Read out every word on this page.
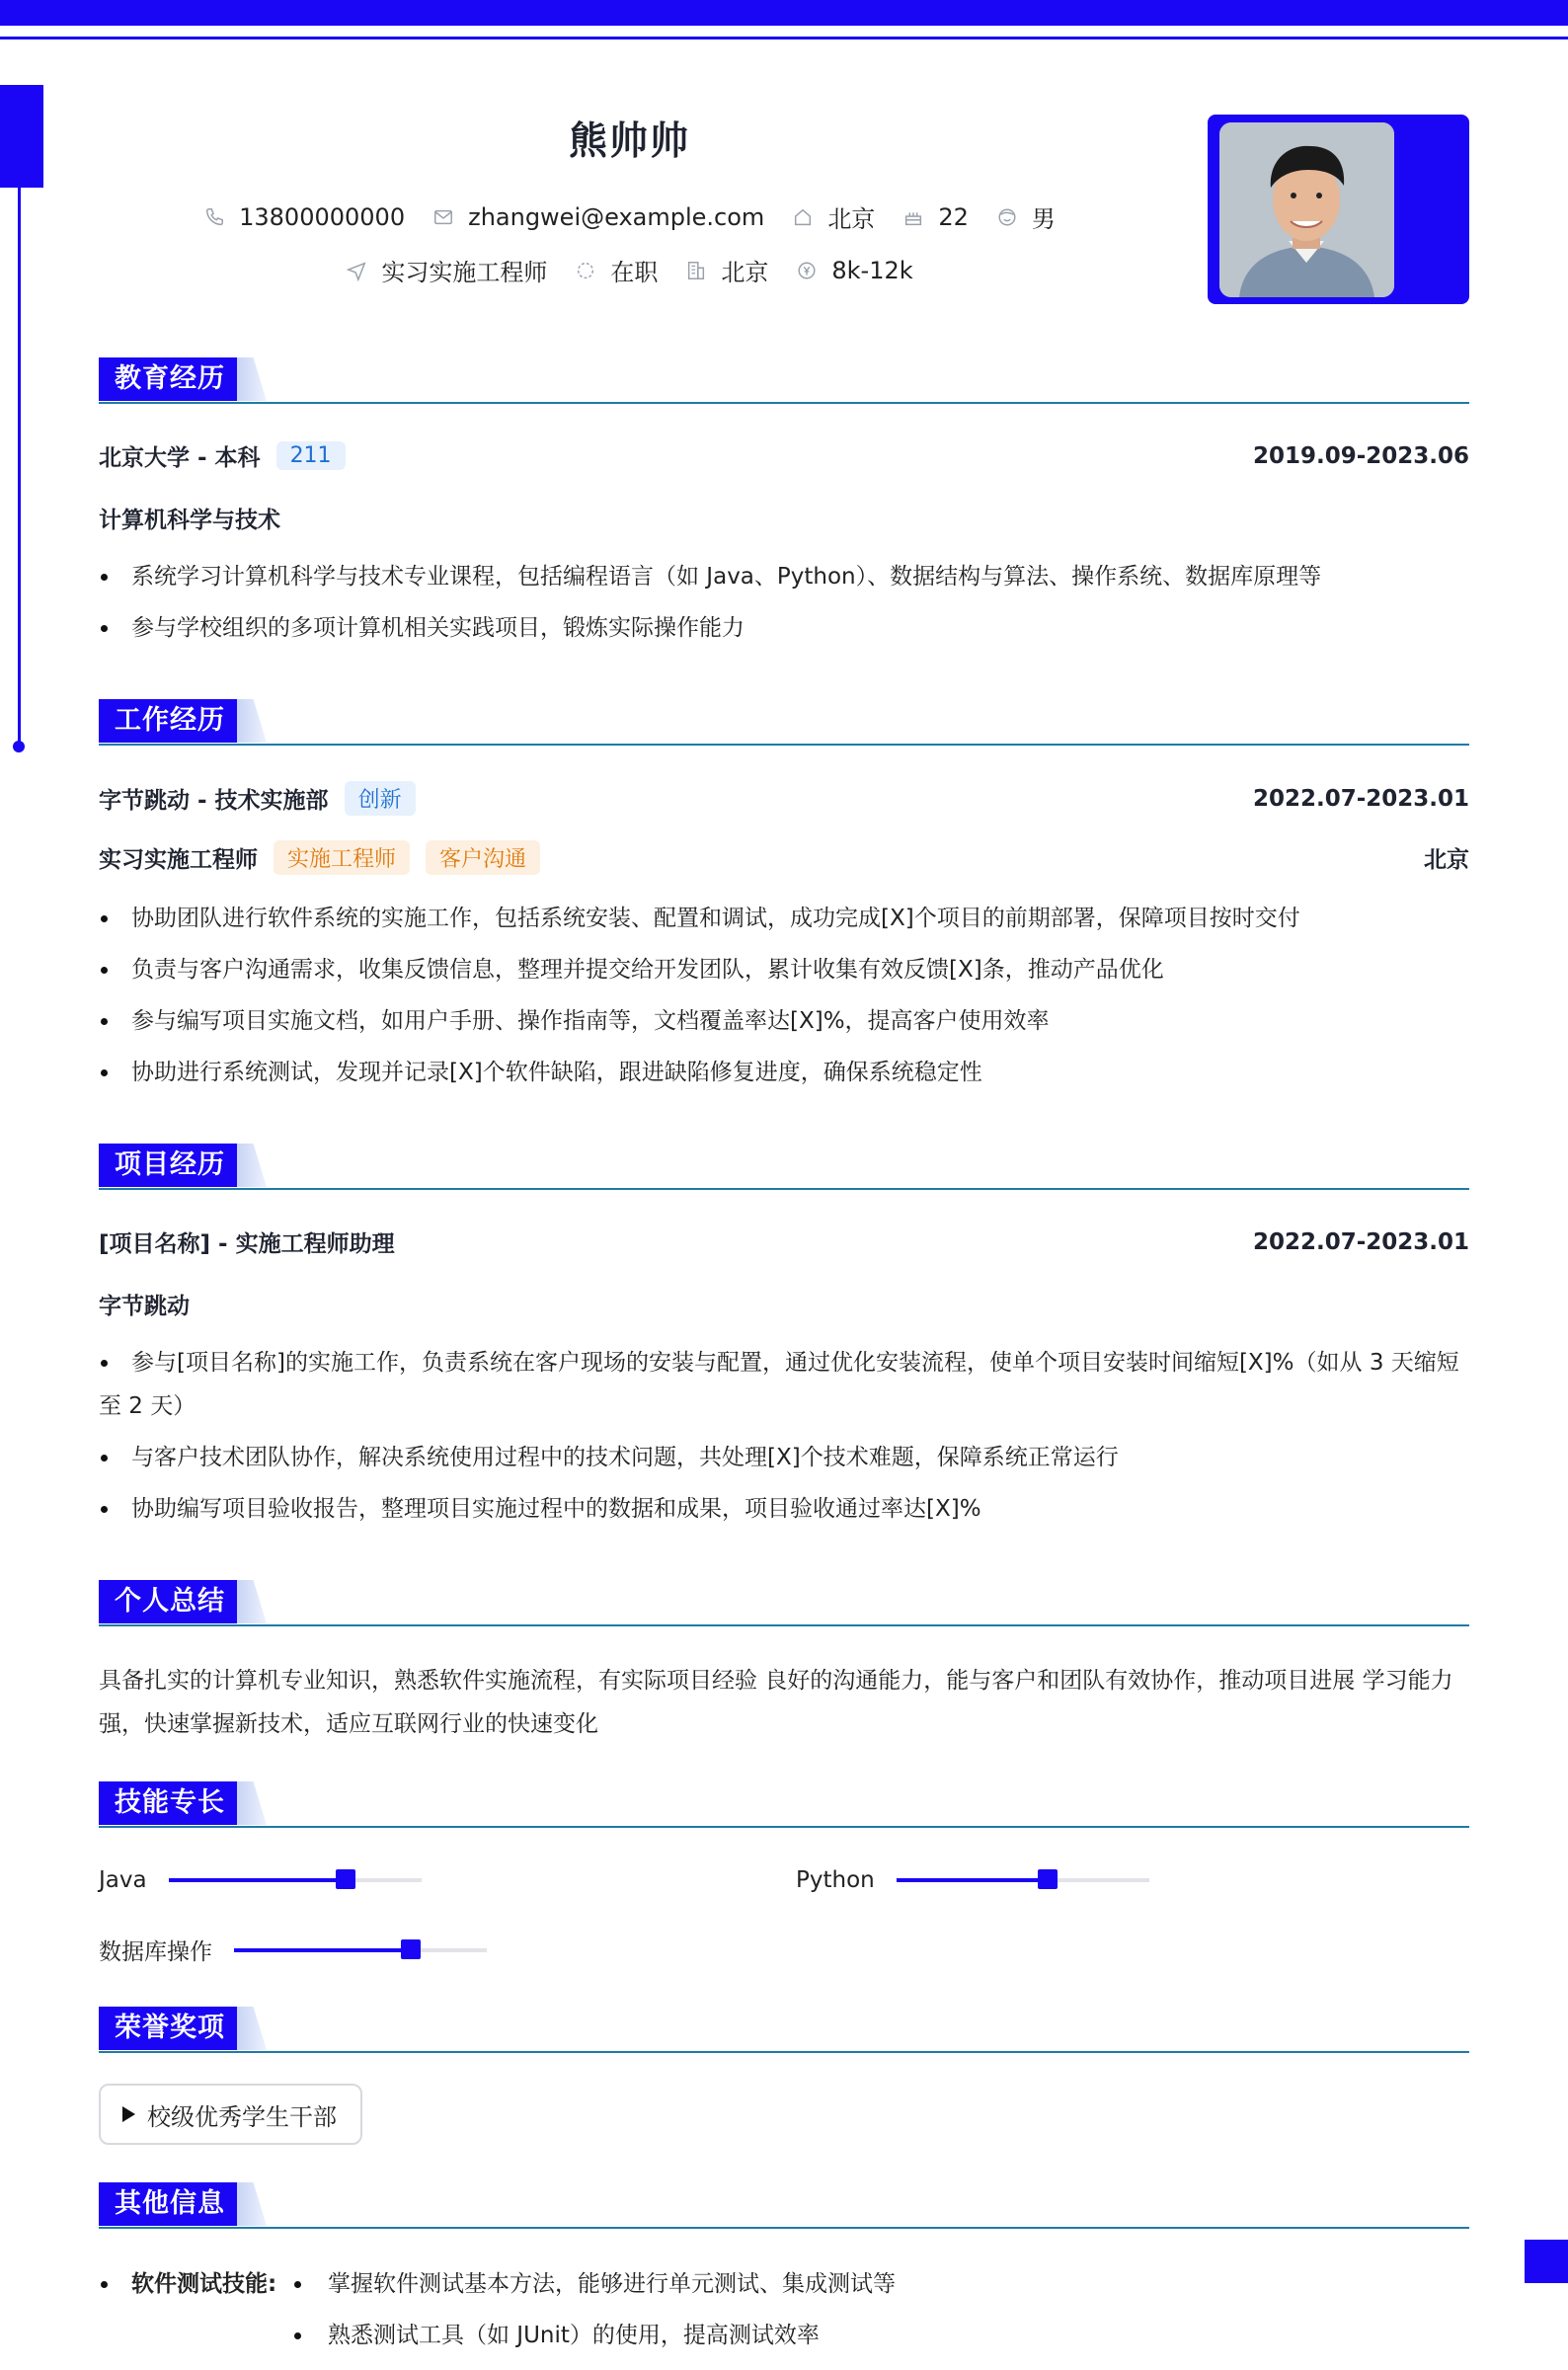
熊帅帅
13800000000	zhangwei@example.com	北京	22	男
实习实施工程师	在职	北京	8k-12k
教育经历
北京大学 - 本科	211	2019.09-2023.06
计算机科学与技术
系统学习计算机科学与技术专业课程，包括编程语言（如 Java、Python）、数据结构与算法、操作系统、数据库原理等
参与学校组织的多项计算机相关实践项目，锻炼实际操作能力
工作经历
字节跳动 - 技术实施部	创新	2022.07-2023.01
实习实施工程师	实施工程师	客户沟通	北京
协助团队进行软件系统的实施工作，包括系统安装、配置和调试，成功完成[X]个项目的前期部署，保障项目按时交付
负责与客户沟通需求，收集反馈信息，整理并提交给开发团队，累计收集有效反馈[X]条，推动产品优化
参与编写项目实施文档，如用户手册、操作指南等，文档覆盖率达[X]%，提高客户使用效率
协助进行系统测试，发现并记录[X]个软件缺陷，跟进缺陷修复进度，确保系统稳定性
项目经历
[项目名称] - 实施工程师助理	2022.07-2023.01
字节跳动
参与[项目名称]的实施工作，负责系统在客户现场的安装与配置，通过优化安装流程，使单个项目安装时间缩短[X]%（如从 3 天缩短至 2 天）
与客户技术团队协作，解决系统使用过程中的技术问题，共处理[X]个技术难题，保障系统正常运行
协助编写项目验收报告，整理项目实施过程中的数据和成果，项目验收通过率达[X]%
个人总结
具备扎实的计算机专业知识，熟悉软件实施流程，有实际项目经验 良好的沟通能力，能与客户和团队有效协作，推动项目进展 学习能力强，快速掌握新技术，适应互联网行业的快速变化
技能专长
Java	Python
数据库操作
荣誉奖项
校级优秀学生干部
其他信息
软件测试技能: 掌握软件测试基本方法，能够进行单元测试、集成测试等
熟悉测试工具（如 JUnit）的使用，提高测试效率
